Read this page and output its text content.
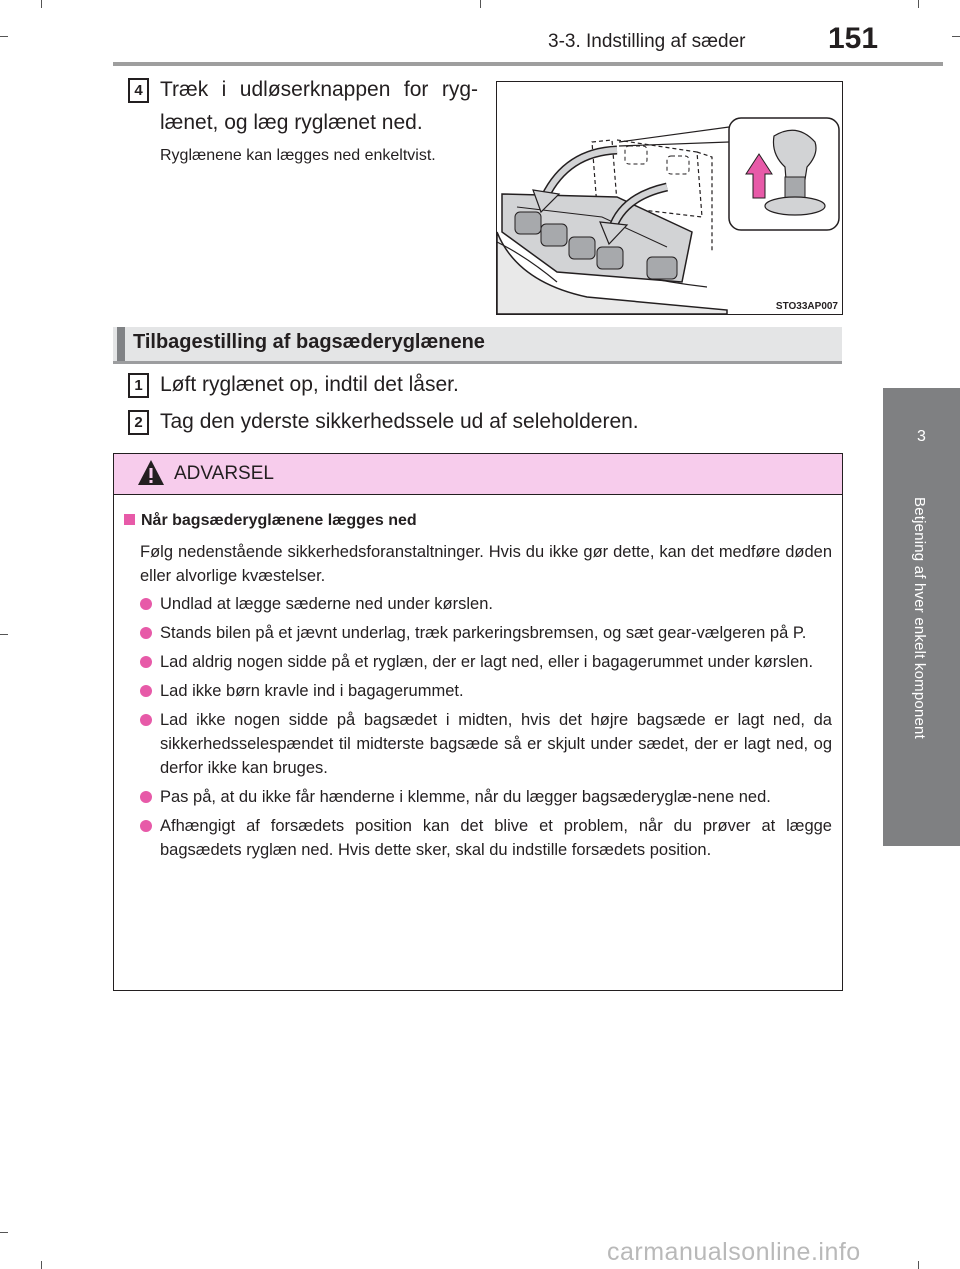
3-3. Indstilling af sæder	151
3
Betjening af hver enkelt komponent
4 Træk i udløserknappen for ryg-
lænet, og læg ryglænet ned.
Ryglænene kan lægges ned enkeltvist.
STO33AP007
Tilbagestilling af bagsæderyglænene
1 Løft ryglænet op, indtil det låser.
2 Tag den yderste sikkerhedssele ud af seleholderen.
ADVARSEL
Når bagsæderyglænene lægges ned
Følg nedenstående sikkerhedsforanstaltninger. Hvis du ikke gør dette, kan det medføre døden eller alvorlige kvæstelser.
Undlad at lægge sæderne ned under kørslen.
Stands bilen på et jævnt underlag, træk parkeringsbremsen, og sæt gear-vælgeren på P.
Lad aldrig nogen sidde på et ryglæn, der er lagt ned, eller i bagagerummet under kørslen.
Lad ikke børn kravle ind i bagagerummet.
Lad ikke nogen sidde på bagsædet i midten, hvis det højre bagsæde er lagt ned, da sikkerhedsselespændet til midterste bagsæde så er skjult under sædet, der er lagt ned, og derfor ikke kan bruges.
Pas på, at du ikke får hænderne i klemme, når du lægger bagsæderyglæ-nene ned.
Afhængigt af forsædets position kan det blive et problem, når du prøver at lægge bagsædets ryglæn ned. Hvis dette sker, skal du indstille forsædets position.
carmanualsonline.info
